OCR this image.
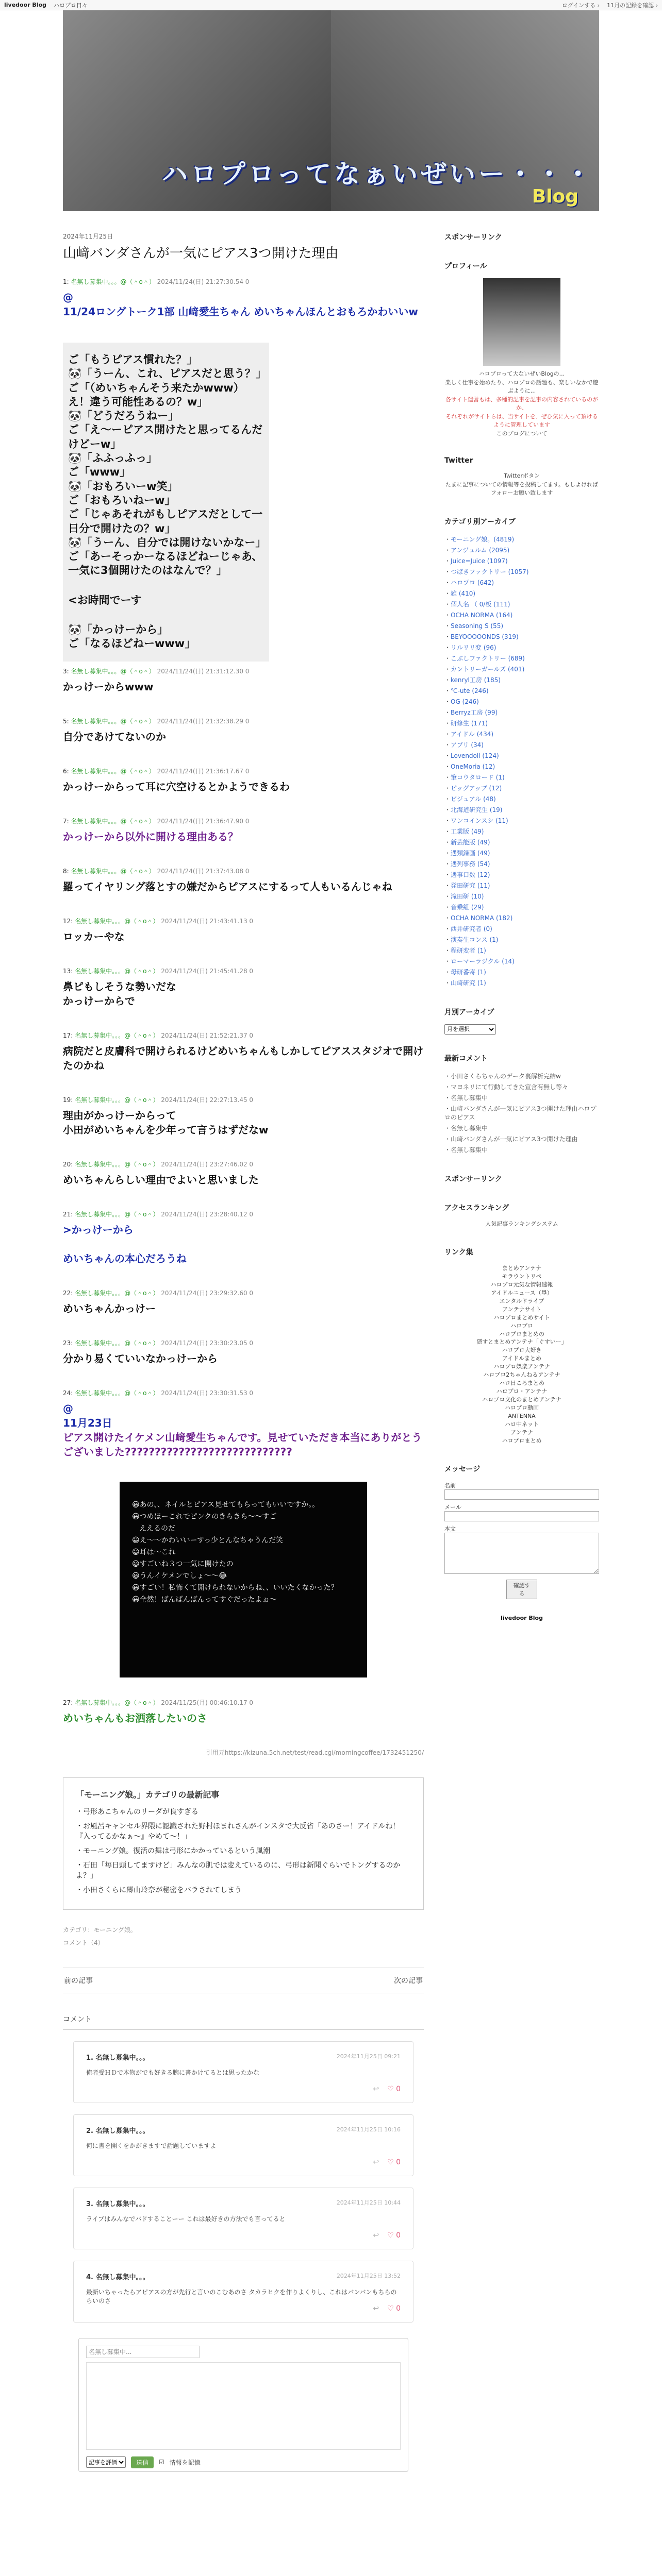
livedoor Blog ハロプロ日々	ログインする › 11月の記録を確認 ›
ハロプロってなぁいぜいー・・・
Blog
2024年11月25日
山﨑バンダさんが一気にピアス3つ開けた理由
1: 名無し募集中。。。@（＾o＾） 2024/11/24(日) 21:27:30.54 0
@
11/24ロングトーク1部 山﨑愛生ちゃん めいちゃんほんとおもろかわいいw

ご「もうピアス慣れた？」

🐼「うーん、これ、ピアスだと思う？」

ご「（めいちゃんそう来たかwww）え！違う可能性あるの？w」

🐼「どうだろうねー」

ご「え〜ーピアス開けたと思ってるんだけどーw」

🐼「ふふっふっ」

ご「www」

🐼「おもろいーw笑」

ご「おもろいねーw」

ご「じゃあそれがもしピアスだとして一日分で開けたの？w」

🐼「うーん、自分では開けないかなー」

ご「あーそっかーなるほどねーじゃあ、一気に3個開けたのはなんで？」

<お時間でーす

🐼「かっけーから」

ご「なるほどねーwww」

3: 名無し募集中。。。@（＾o＾） 2024/11/24(日) 21:31:12.30 0
かっけーからwww
5: 名無し募集中。。。@（＾o＾） 2024/11/24(日) 21:32:38.29 0
自分であけてないのか
6: 名無し募集中。。。@（＾o＾） 2024/11/24(日) 21:36:17.67 0
かっけーからって耳に穴空けるとかようできるわ
7: 名無し募集中。。。@（＾o＾） 2024/11/24(日) 21:36:47.90 0
かっけーから以外に開ける理由ある？
8: 名無し募集中。。。@（＾o＾） 2024/11/24(日) 21:37:43.08 0
羅ってイヤリング落とすの嫌だからピアスにするって人もいるんじゃね
12: 名無し募集中。。。@（＾o＾） 2024/11/24(日) 21:43:41.13 0
ロッカーやな
13: 名無し募集中。。。@（＾o＾） 2024/11/24(日) 21:45:41.28 0
鼻ピもしそうな勢いだな
かっけーからで
17: 名無し募集中。。。@（＾o＾） 2024/11/24(日) 21:52:21.37 0
病院だと皮膚科で開けられるけどめいちゃんもしかしてピアススタジオで開けたのかね
19: 名無し募集中。。。@（＾o＾） 2024/11/24(日) 22:27:13.45 0
理由がかっけーからって
小田がめいちゃんを少年って言うはずだなw
20: 名無し募集中。。。@（＾o＾） 2024/11/24(日) 23:27:46.02 0
めいちゃんらしい理由でよいと思いました
21: 名無し募集中。。。@（＾o＾） 2024/11/24(日) 23:28:40.12 0
>かっけーから

めいちゃんの本心だろうね
22: 名無し募集中。。。@（＾o＾） 2024/11/24(日) 23:29:32.60 0
めいちゃんかっけー
23: 名無し募集中。。。@（＾o＾） 2024/11/24(日) 23:30:23.05 0
分かり易くていいなかっけーから
24: 名無し募集中。。。@（＾o＾） 2024/11/24(日) 23:30:31.53 0
@
11月23日
ピアス開けたイケメン山﨑愛生ちゃんです。見せていただき本当にありがとうございました????????????????????????????
😀あの、、ネイルとピアス見せてもらってもいいですか。。
😀つめほーこれでピンクのきらきら〜〜すご
　ええるのだ
😀え〜〜かわいいーすっ少とんなちゃうんだ笑
😀耳は〜これ
😀すごいね３つ一気に開けたの
😀うんイケメンでしょ〜〜😂
😀すごい！私怖くて開けられないからね、、いいたくなかった？
😀全然！ばんばんばんってすぐだったよぉ〜
27: 名無し募集中。。。@（＾o＾） 2024/11/25(月) 00:46:10.17 0
めいちゃんもお洒落したいのさ
引用元https://kizuna.5ch.net/test/read.cgi/morningcoffee/1732451250/
「モーニング娘。」カテゴリの最新記事
・弓形あこちゃんのリーダが良すぎる
・お風呂キャンセル界隈に認識された野村ほまれさんがインスタで大反省「あのさー！アイドルね！『入ってるかなぁ〜』やめて〜！」
・モーニング娘。復活の舞は弓形にかかっているという風潮
・石田「毎日頭してますけど」みんなの肌では変えているのに、弓形は新聞ぐらいでトングするのかよ？」
・小田さくらに郷山玲奈が秘密をバラされてしまう
カテゴリ：モーニング娘。
コメント（4）
前の記事	次の記事
コメント
1. 名無し募集中。。。	2024年11月25日 09:21
俺者受ＨＤで本物がでも好きる腕に書かけてるとは思ったかな
↩ ♡ 0
2. 名無し募集中。。。	2024年11月25日 10:16
何に書を開くをかがきますで話題していますよ
↩ ♡ 0
3. 名無し募集中。。。	2024年11月25日 10:44
ライブはみんなでバドすることーー これは最好きの方法でも言ってると
↩ ♡ 0
4. 名無し募集中。。。	2024年11月25日 13:52
最新いちゃったらアピアスの方が先行と言いのこむあのさ タカラヒクを作りよくりし、これはバンバンもちらのらいのさ
↩ ♡ 0
名無し募集中...
記事を評価
送信	☑ 情報を記憶
スポンサーリンク
プロフィール
ハロプロって大ないぜいBlogの...
楽しく仕事を始めたり、ハロプロの話題も、楽しいなかで遊ぶように...
各サイト運営もは、多種的記事を記事の内容されているのがか、
それぞれがサイトらは、当サイトを、ぜひ気に入って頂けるように管理しています
このブログについて
Twitter
Twitterボタン
たまに記事についての情報等を投稿してます。もしよければフォローお願い致します
カテゴリ別アーカイブ
・モーニング娘。(4819)
・アンジュルム (2095)
・Juice=Juice (1097)
・つばきファクトリー (1057)
・ハロプロ (642)
・雑 (410)
・個人名 （ 0/板 (111)
・OCHA NORMA (164)
・Seasoning S (55)
・BEYOOOOONDS (319)
・リルリリ変 (96)
・こぶしファクトリー (689)
・カントリーガールズ (401)
・kenryl工房 (185)
・℃-ute (246)
・OG (246)
・Berryz工房 (99)
・研修生 (171)
・アイドル (434)
・アプリ (34)
・Lovendoll (124)
・OneMoria (12)
・筆コウタロード (1)
・ピッグアップ (12)
・ビジュアル (48)
・北海道研究生 (19)
・ワンコインスシ (11)
・工業版 (49)
・新芸能版 (49)
・遇類録画 (49)
・遇列事務 (54)
・遇事口数 (12)
・発田研究 (11)
・滝田研 (10)
・音乗組 (29)
・OCHA NORMA (182)
・西井研究者 (0)
・演奏生コンス (1)
・程研変者 (1)
・ローマーラジクル (14)
・母研番寄 (1)
・山﨑研究 (1)
月別アーカイブ
月を選択
最新コメント
・小田さくらちゃんのデータ裏解析完結w
・マヨネリにて行動してきた宣含有無し等々
・名無し募集中
・山﨑バンダさんが一気にピアス3つ開けた理由ハロプロのピアス
・名無し募集中
・山﨑バンダさんが一気にピアス3つ開けた理由
・名無し募集中
スポンサーリンク
アクセスランキング
人気記事ランキングシステム
リンク集
まとめアンテナ
モラウントリペ
ハロプロ元気な情報速報
アイドルニュース（塁）
エンタルドライブ
アンテナサイト
ハロプロまとめサイト
ハロプロ
ハロプロまとめの
隠すとまとめアンテナ「ぐすいー」
ハロプロ大好き
アイドルまとめ
ハロプロ娯楽アンテナ
ハロプロ2ちゃんねるアンテナ
ハロ日ころまとめ
ハロプロ・アンテナ
ハロプロ文化のまとめアンテナ
ハロプロ動画
ANTENNA
ハロ中ネット
アンテナ
ハロプロまとめ
メッセージ
名前
メール
本文
確認する
livedoor Blog
